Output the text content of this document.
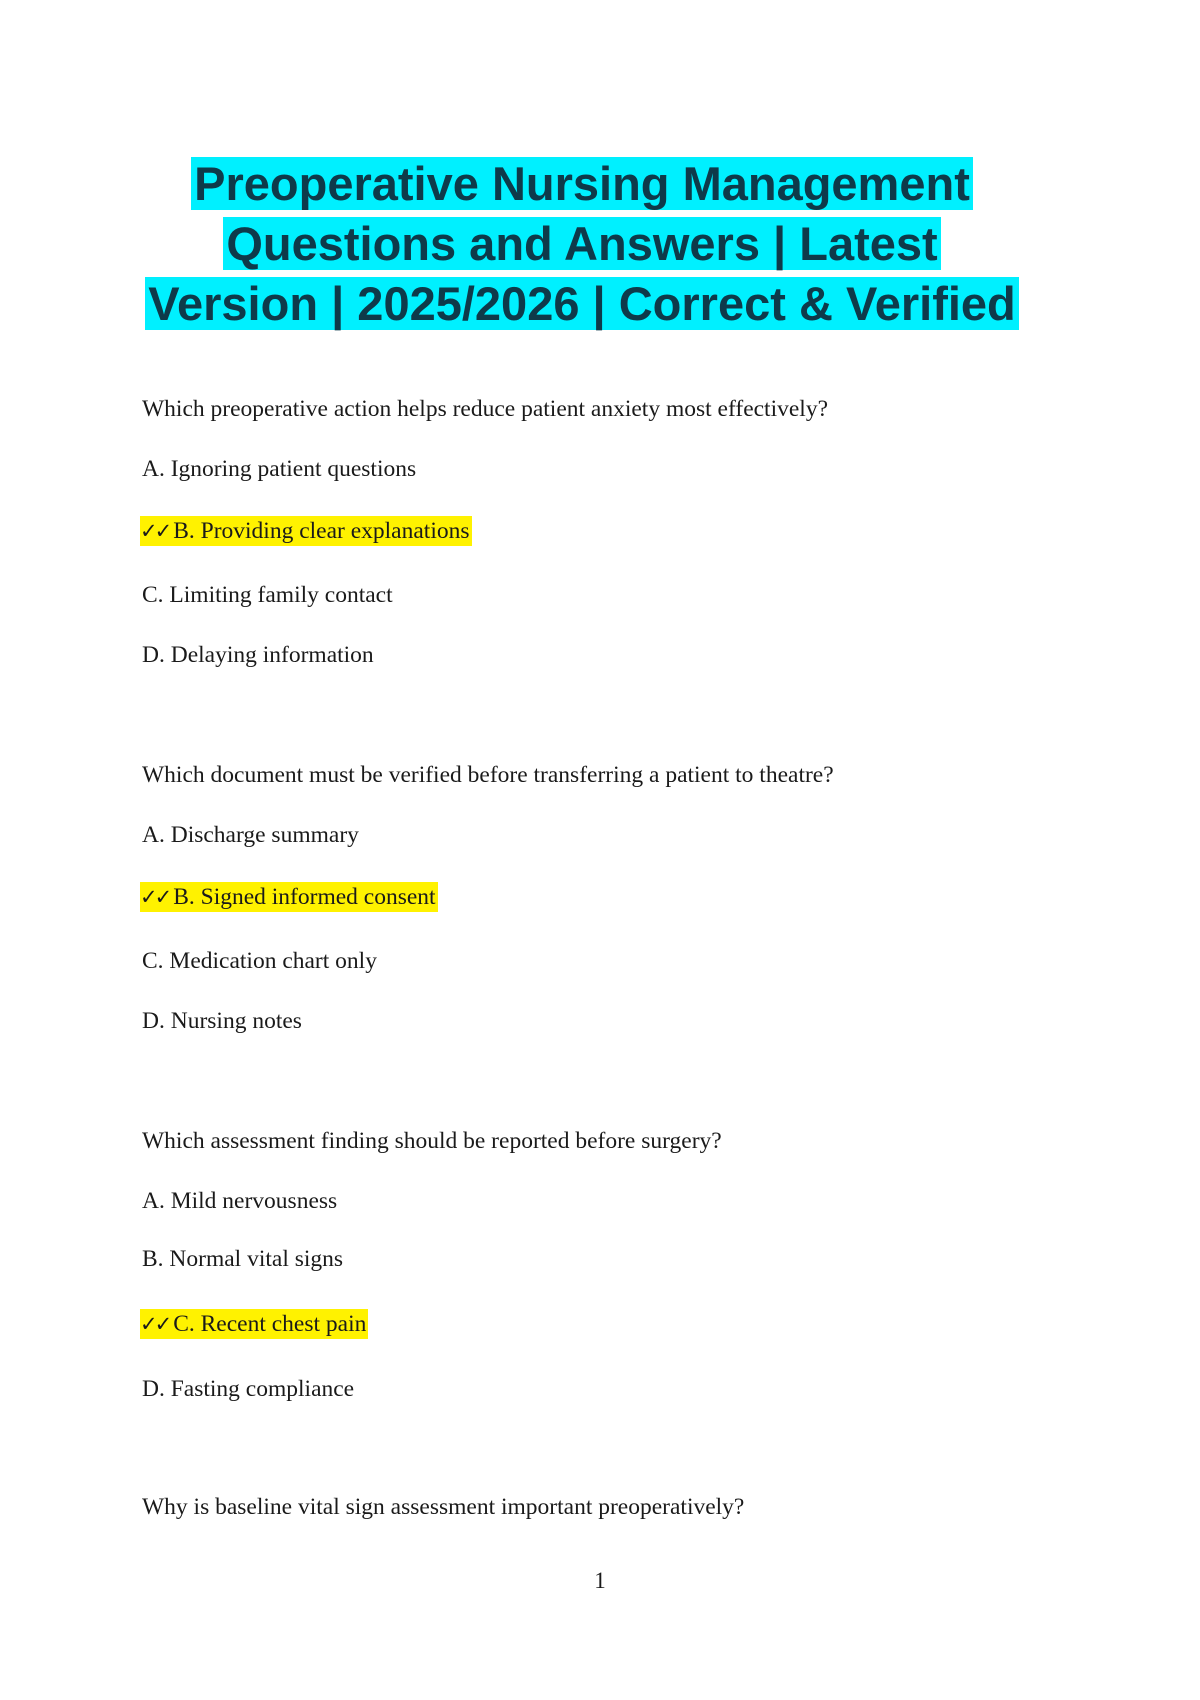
Preoperative Nursing Management
Questions and Answers | Latest
Version | 2025/2026 | Correct & Verified
Which preoperative action helps reduce patient anxiety most effectively?
A. Ignoring patient questions
✓✓ B. Providing clear explanations
C. Limiting family contact
D. Delaying information
Which document must be verified before transferring a patient to theatre?
A. Discharge summary
✓✓ B. Signed informed consent
C. Medication chart only
D. Nursing notes
Which assessment finding should be reported before surgery?
A. Mild nervousness
B. Normal vital signs
✓✓ C. Recent chest pain
D. Fasting compliance
Why is baseline vital sign assessment important preoperatively?
1
